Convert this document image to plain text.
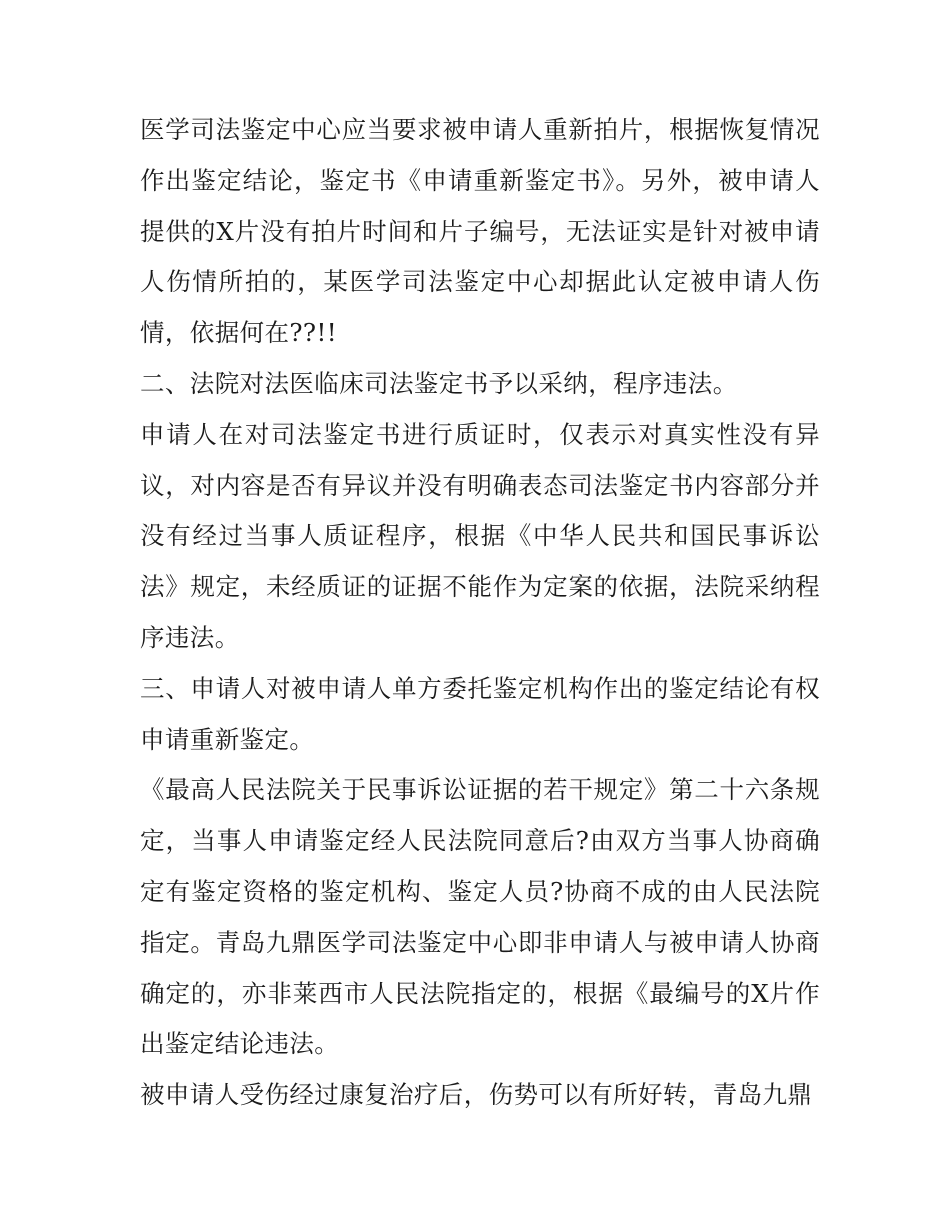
医学司法鉴定中心应当要求被申请人重新拍片，根据恢复情况作出鉴定结论，鉴定书《申请重新鉴定书》。另外，被申请人提供的X片没有拍片时间和片子编号，无法证实是针对被申请人伤情所拍的，某医学司法鉴定中心却据此认定被申请人伤情，依据何在??!!

二、法院对法医临床司法鉴定书予以采纳，程序违法。

申请人在对司法鉴定书进行质证时，仅表示对真实性没有异议，对内容是否有异议并没有明确表态司法鉴定书内容部分并没有经过当事人质证程序，根据《中华人民共和国民事诉讼法》规定，未经质证的证据不能作为定案的依据，法院采纳程序违法。

三、申请人对被申请人单方委托鉴定机构作出的鉴定结论有权申请重新鉴定。

《最高人民法院关于民事诉讼证据的若干规定》第二十六条规定，当事人申请鉴定经人民法院同意后?由双方当事人协商确定有鉴定资格的鉴定机构、鉴定人员?协商不成的由人民法院指定。青岛九鼎医学司法鉴定中心即非申请人与被申请人协商确定的，亦非莱西市人民法院指定的，根据《最编号的X片作出鉴定结论违法。

被申请人受伤经过康复治疗后，伤势可以有所好转，青岛九鼎
